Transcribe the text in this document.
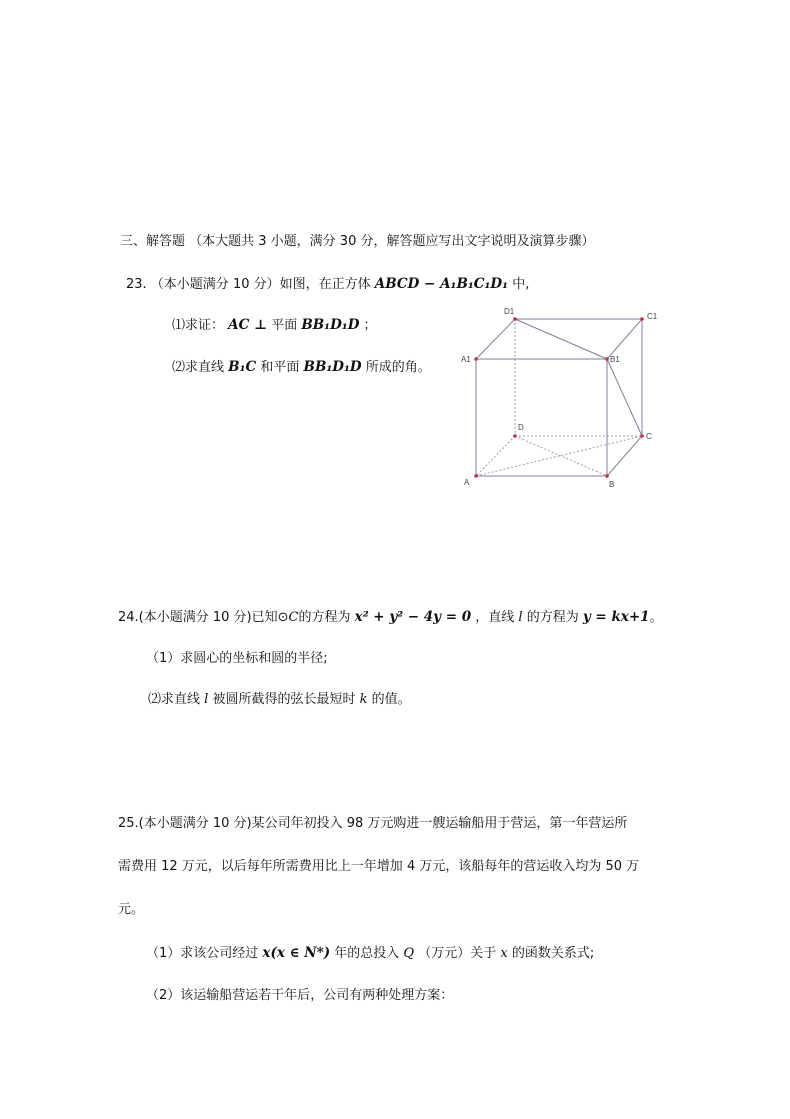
三、解答题 （本大题共 3 小题，满分 30 分，解答题应写出文字说明及演算步骤）
23. （本小题满分 10 分）如图，在正方体 ABCD − A₁B₁C₁D₁ 中,
⑴求证： AC ⊥ 平面 BB₁D₁D ；
⑵求直线 B₁C 和平面 BB₁D₁D 所成的角。
D1
C1
A1	B1
D
C
A	B
24.(本小题满分 10 分)已知⊙C的方程为 x² + y² − 4y = 0 ，直线 l 的方程为 y = kx+1。
（1）求圆心的坐标和圆的半径;
⑵求直线 l 被圆所截得的弦长最短时 k 的值。
25.(本小题满分 10 分)某公司年初投入 98 万元购进一艘运输船用于营运，第一年营运所
需费用 12 万元，以后每年所需费用比上一年增加 4 万元，该船每年的营运收入均为 50 万
元。
（1）求该公司经过 x(x ∈ N*) 年的总投入 Q （万元）关于 x 的函数关系式;
（2）该运输船营运若干年后，公司有两种处理方案：
